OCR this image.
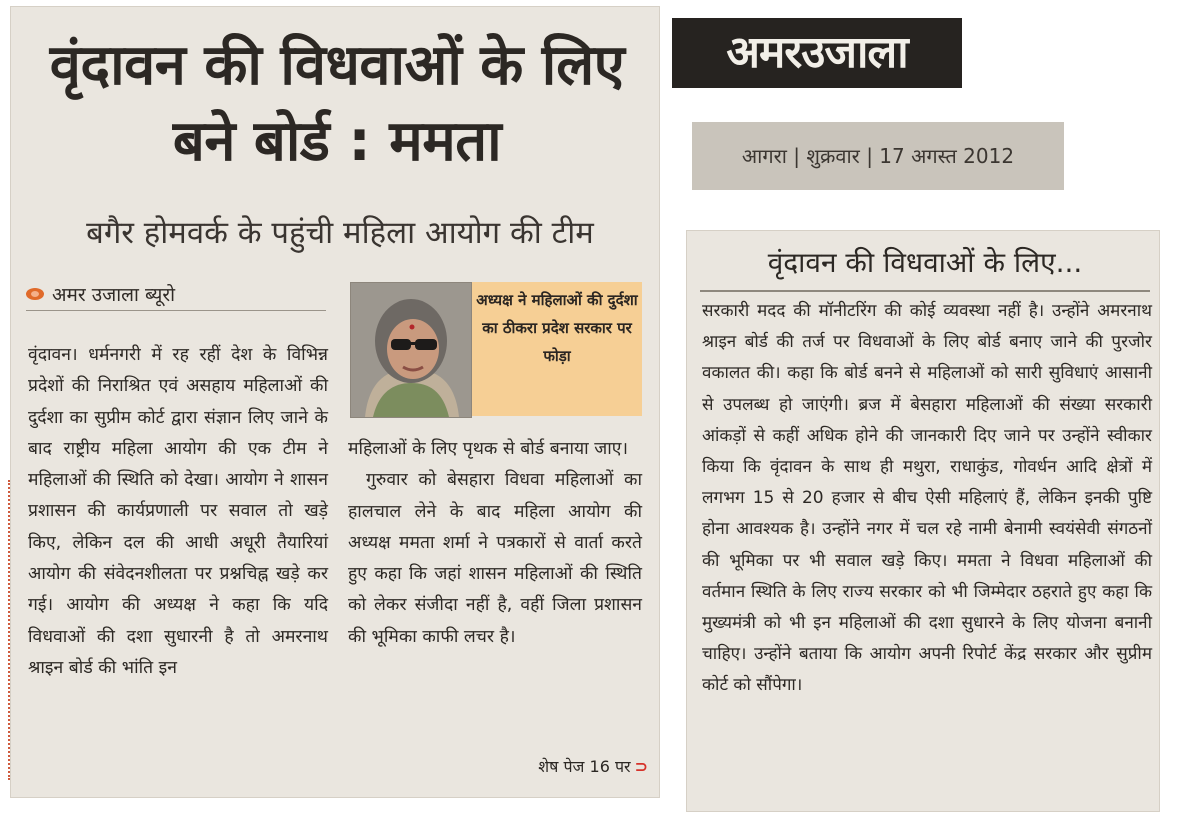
अमरउजाला
आगरा | शुक्रवार | 17 अगस्त 2012
वृंदावन की विधवाओं के लिए बने बोर्ड : ममता
बगैर होमवर्क के पहुंची महिला आयोग की टीम
अमर उजाला ब्यूरो	अध्यक्ष ने महिलाओं की दुर्दशा का ठीकरा प्रदेश सरकार पर फोड़ा

वृंदावन। धर्मनगरी में रह रहीं देश के विभिन्न प्रदेशों की निराश्रित एवं असहाय महिलाओं की दुर्दशा का सुप्रीम कोर्ट द्वारा संज्ञान लिए जाने के बाद राष्ट्रीय महिला आयोग की एक टीम ने महिलाओं की स्थिति को देखा। आयोग ने शासन प्रशासन की कार्यप्रणाली पर सवाल तो खड़े किए, लेकिन दल की आधी अधूरी तैयारियां आयोग की संवेदनशीलता पर प्रश्नचिह्न खड़े कर गई। आयोग की अध्यक्ष ने कहा कि यदि विधवाओं की दशा सुधारनी है तो अमरनाथ श्राइन बोर्ड की भांति इन

महिलाओं के लिए पृथक से बोर्ड बनाया जाए।

गुरुवार को बेसहारा विधवा महिलाओं का हालचाल लेने के बाद महिला आयोग की अध्यक्ष ममता शर्मा ने पत्रकारों से वार्ता करते हुए कहा कि जहां शासन महिलाओं की स्थिति को लेकर संजीदा नहीं है, वहीं जिला प्रशासन की भूमिका काफी लचर है।

शेष पेज 16 पर ⊃
वृंदावन की विधवाओं के लिए...

सरकारी मदद की मॉनीटरिंग की कोई व्यवस्था नहीं है। उन्होंने अमरनाथ श्राइन बोर्ड की तर्ज पर विधवाओं के लिए बोर्ड बनाए जाने की पुरजोर वकालत की। कहा कि बोर्ड बनने से महिलाओं को सारी सुविधाएं आसानी से उपलब्ध हो जाएंगी। ब्रज में बेसहारा महिलाओं की संख्या सरकारी आंकड़ों से कहीं अधिक होने की जानकारी दिए जाने पर उन्होंने स्वीकार किया कि वृंदावन के साथ ही मथुरा, राधाकुंड, गोवर्धन आदि क्षेत्रों में लगभग 15 से 20 हजार से बीच ऐसी महिलाएं हैं, लेकिन इनकी पुष्टि होना आवश्यक है। उन्होंने नगर में चल रहे नामी बेनामी स्वयंसेवी संगठनों की भूमिका पर भी सवाल खड़े किए। ममता ने विधवा महिलाओं की वर्तमान स्थिति के लिए राज्य सरकार को भी जिम्मेदार ठहराते हुए कहा कि मुख्यमंत्री को भी इन महिलाओं की दशा सुधारने के लिए योजना बनानी चाहिए। उन्होंने बताया कि आयोग अपनी रिपोर्ट केंद्र सरकार और सुप्रीम कोर्ट को सौंपेगा।
